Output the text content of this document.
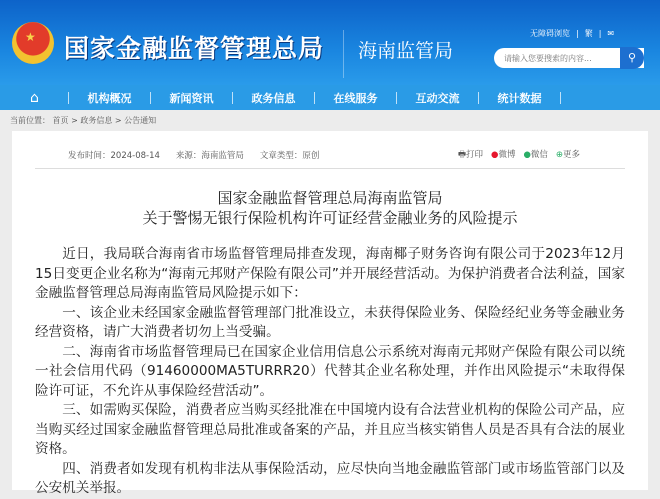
★ 国家金融监督管理总局 海南监管局
无障碍浏览 | 繁 | ✉
请输入您要搜索的内容...	⚲
⌂	机构概况	新闻资讯	政务信息	在线服务	互动交流	统计数据
当前位置： 首页 > 政务信息 > 公告通知
发布时间：2024-08-14 来源：海南监管局 文章类型：原创	🖶打印 ●微博 ●微信 ⊕更多
国家金融监督管理总局海南监管局
关于警惕无银行保险机构许可证经营金融业务的风险提示

近日，我局联合海南省市场监督管理局排查发现，海南椰子财务咨询有限公司于2023年12月15日变更企业名称为“海南元邦财产保险有限公司”并开展经营活动。为保护消费者合法利益，国家金融监督管理总局海南监管局风险提示如下：

一、该企业未经国家金融监督管理部门批准设立，未获得保险业务、保险经纪业务等金融业务经营资格，请广大消费者切勿上当受骗。

二、海南省市场监督管理局已在国家企业信用信息公示系统对海南元邦财产保险有限公司以统一社会信用代码（91460000MA5TURRR20）代替其企业名称处理，并作出风险提示“未取得保险许可证，不允许从事保险经营活动”。

三、如需购买保险，消费者应当购买经批准在中国境内设有合法营业机构的保险公司产品，应当购买经过国家金融监督管理总局批准或备案的产品，并且应当核实销售人员是否具有合法的展业资格。

四、消费者如发现有机构非法从事保险活动，应尽快向当地金融监管部门或市场监管部门以及公安机关举报。
